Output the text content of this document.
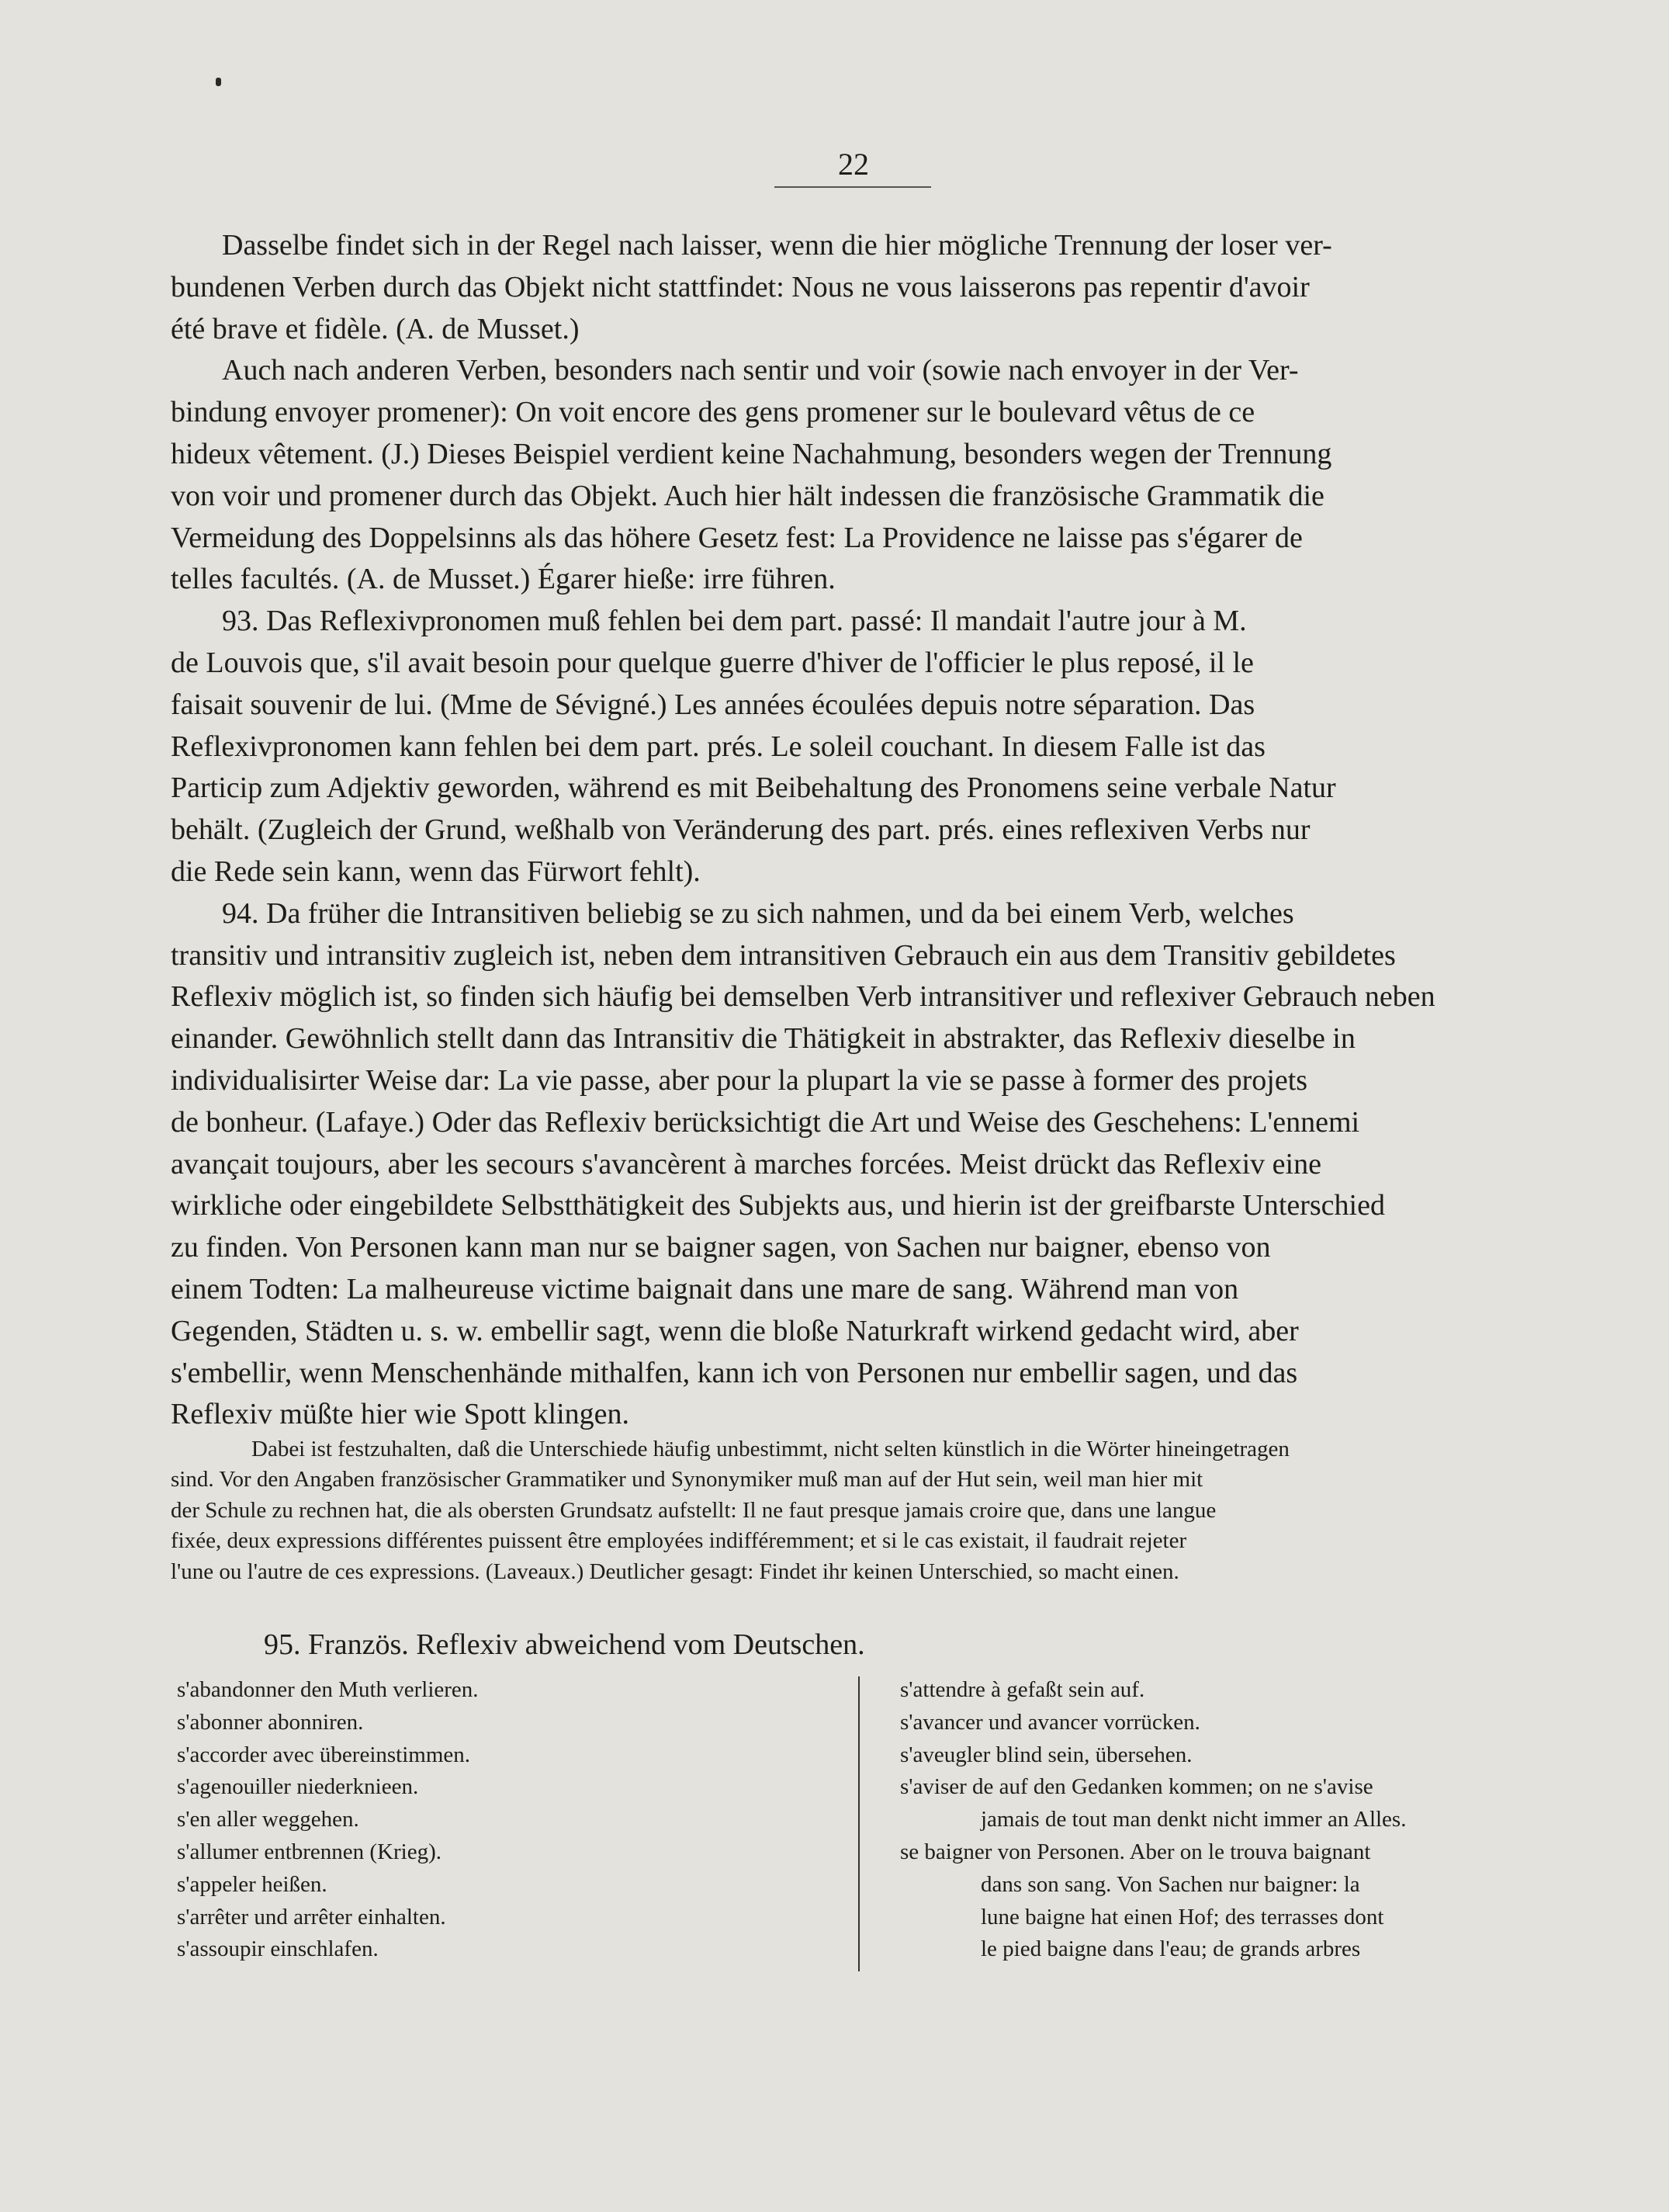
22
Dasselbe findet sich in der Regel nach laisser, wenn die hier mögliche Trennung der loser ver-
bundenen Verben durch das Objekt nicht stattfindet: Nous ne vous laisserons pas repentir d'avoir
été brave et fidèle. (A. de Musset.)
Auch nach anderen Verben, besonders nach sentir und voir (sowie nach envoyer in der Ver-
bindung envoyer promener): On voit encore des gens promener sur le boulevard vêtus de ce
hideux vêtement. (J.) Dieses Beispiel verdient keine Nachahmung, besonders wegen der Trennung
von voir und promener durch das Objekt. Auch hier hält indessen die französische Grammatik die
Vermeidung des Doppelsinns als das höhere Gesetz fest: La Providence ne laisse pas s'égarer de
telles facultés. (A. de Musset.) Égarer hieße: irre führen.
93. Das Reflexivpronomen muß fehlen bei dem part. passé: Il mandait l'autre jour à M.
de Louvois que, s'il avait besoin pour quelque guerre d'hiver de l'officier le plus reposé, il le
faisait souvenir de lui. (Mme de Sévigné.) Les années écoulées depuis notre séparation. Das
Reflexivpronomen kann fehlen bei dem part. prés. Le soleil couchant. In diesem Falle ist das
Particip zum Adjektiv geworden, während es mit Beibehaltung des Pronomens seine verbale Natur
behält. (Zugleich der Grund, weßhalb von Veränderung des part. prés. eines reflexiven Verbs nur
die Rede sein kann, wenn das Fürwort fehlt).
94. Da früher die Intransitiven beliebig se zu sich nahmen, und da bei einem Verb, welches
transitiv und intransitiv zugleich ist, neben dem intransitiven Gebrauch ein aus dem Transitiv gebildetes
Reflexiv möglich ist, so finden sich häufig bei demselben Verb intransitiver und reflexiver Gebrauch neben
einander. Gewöhnlich stellt dann das Intransitiv die Thätigkeit in abstrakter, das Reflexiv dieselbe in
individualisirter Weise dar: La vie passe, aber pour la plupart la vie se passe à former des projets
de bonheur. (Lafaye.) Oder das Reflexiv berücksichtigt die Art und Weise des Geschehens: L'ennemi
avançait toujours, aber les secours s'avancèrent à marches forcées. Meist drückt das Reflexiv eine
wirkliche oder eingebildete Selbstthätigkeit des Subjekts aus, und hierin ist der greifbarste Unterschied
zu finden. Von Personen kann man nur se baigner sagen, von Sachen nur baigner, ebenso von
einem Todten: La malheureuse victime baignait dans une mare de sang. Während man von
Gegenden, Städten u. s. w. embellir sagt, wenn die bloße Naturkraft wirkend gedacht wird, aber
s'embellir, wenn Menschenhände mithalfen, kann ich von Personen nur embellir sagen, und das
Reflexiv müßte hier wie Spott klingen.
Dabei ist festzuhalten, daß die Unterschiede häufig unbestimmt, nicht selten künstlich in die Wörter hineingetragen
sind. Vor den Angaben französischer Grammatiker und Synonymiker muß man auf der Hut sein, weil man hier mit
der Schule zu rechnen hat, die als obersten Grundsatz aufstellt: Il ne faut presque jamais croire que, dans une langue
fixée, deux expressions différentes puissent être employées indifféremment; et si le cas existait, il faudrait rejeter
l'une ou l'autre de ces expressions. (Laveaux.) Deutlicher gesagt: Findet ihr keinen Unterschied, so macht einen.
95. Französ. Reflexiv abweichend vom Deutschen.
s'abandonner den Muth verlieren.
s'abonner abonniren.
s'accorder avec übereinstimmen.
s'agenouiller niederknieen.
s'en aller weggehen.
s'allumer entbrennen (Krieg).
s'appeler heißen.
s'arrêter und arrêter einhalten.
s'assoupir einschlafen.
s'attendre à gefaßt sein auf.
s'avancer und avancer vorrücken.
s'aveugler blind sein, übersehen.
s'aviser de auf den Gedanken kommen; on ne s'avise
jamais de tout man denkt nicht immer an Alles.
se baigner von Personen. Aber on le trouva baignant
dans son sang. Von Sachen nur baigner: la
lune baigne hat einen Hof; des terrasses dont
le pied baigne dans l'eau; de grands arbres
